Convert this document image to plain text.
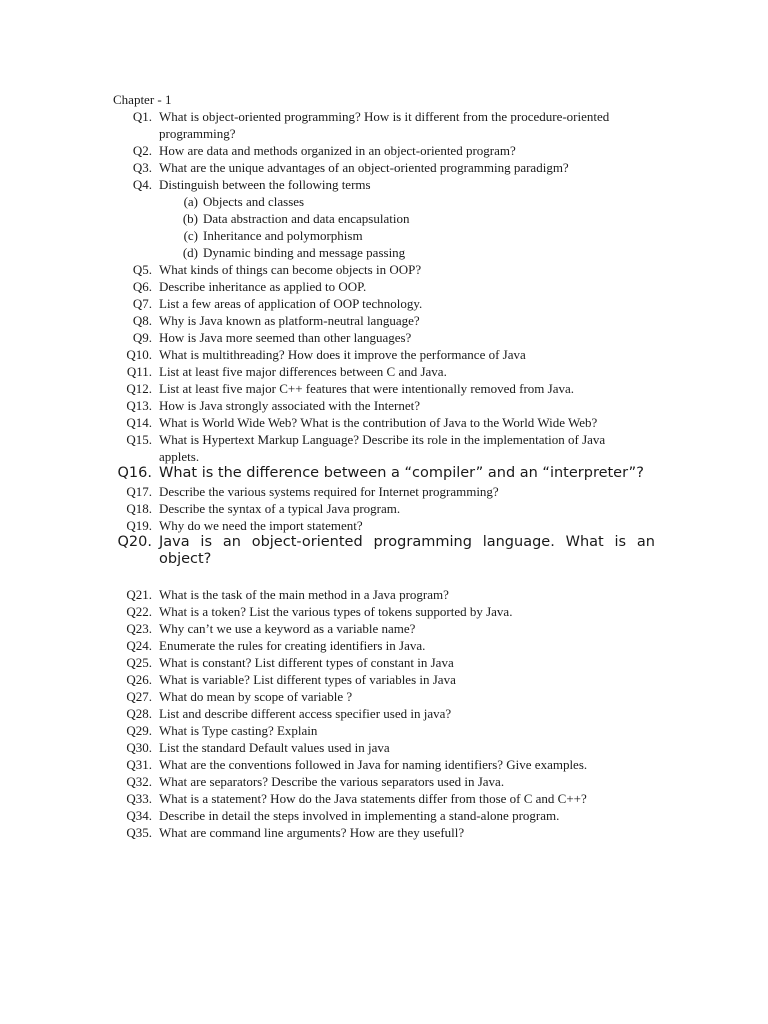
Chapter - 1
Q1. What is object-oriented programming? How is it different from the procedure-oriented programming?
Q2. How are data and methods organized in an object-oriented program?
Q3. What are the unique advantages of an object-oriented programming paradigm?
Q4. Distinguish between the following terms
(a) Objects and classes
(b) Data abstraction and data encapsulation
(c) Inheritance and polymorphism
(d) Dynamic binding and message passing
Q5. What kinds of things can become objects in OOP?
Q6. Describe inheritance as applied to OOP.
Q7. List a few areas of application of OOP technology.
Q8. Why is Java known as platform-neutral language?
Q9. How is Java more seemed than other languages?
Q10. What is multithreading? How does it improve the performance of Java
Q11. List at least five major differences between C and Java.
Q12. List at least five major C++ features that were intentionally removed from Java.
Q13. How is Java strongly associated with the Internet?
Q14. What is World Wide Web? What is the contribution of Java to the World Wide Web?
Q15. What is Hypertext Markup Language? Describe its role in the implementation of Java applets.
Q16. What is the difference between a “compiler” and an “interpreter”?
Q17. Describe the various systems required for Internet programming?
Q18. Describe the syntax of a typical Java program.
Q19. Why do we need the import statement?
Q20. Java is an object-oriented programming language. What is an object?
Q21. What is the task of the main method in a Java program?
Q22. What is a token? List the various types of tokens supported by Java.
Q23. Why can’t we use a keyword as a variable name?
Q24. Enumerate the rules for creating identifiers in Java.
Q25. What is constant? List different types of constant in Java
Q26. What is variable? List different types of variables in Java
Q27. What do mean by scope of variable ?
Q28. List and describe different access specifier used in java?
Q29. What is Type casting? Explain
Q30. List the standard Default values used in java
Q31. What are the conventions followed in Java for naming identifiers? Give examples.
Q32. What are separators? Describe the various separators used in Java.
Q33. What is a statement? How do the Java statements differ from those of C and C++?
Q34. Describe in detail the steps involved in implementing a stand-alone program.
Q35. What are command line arguments? How are they usefull?
